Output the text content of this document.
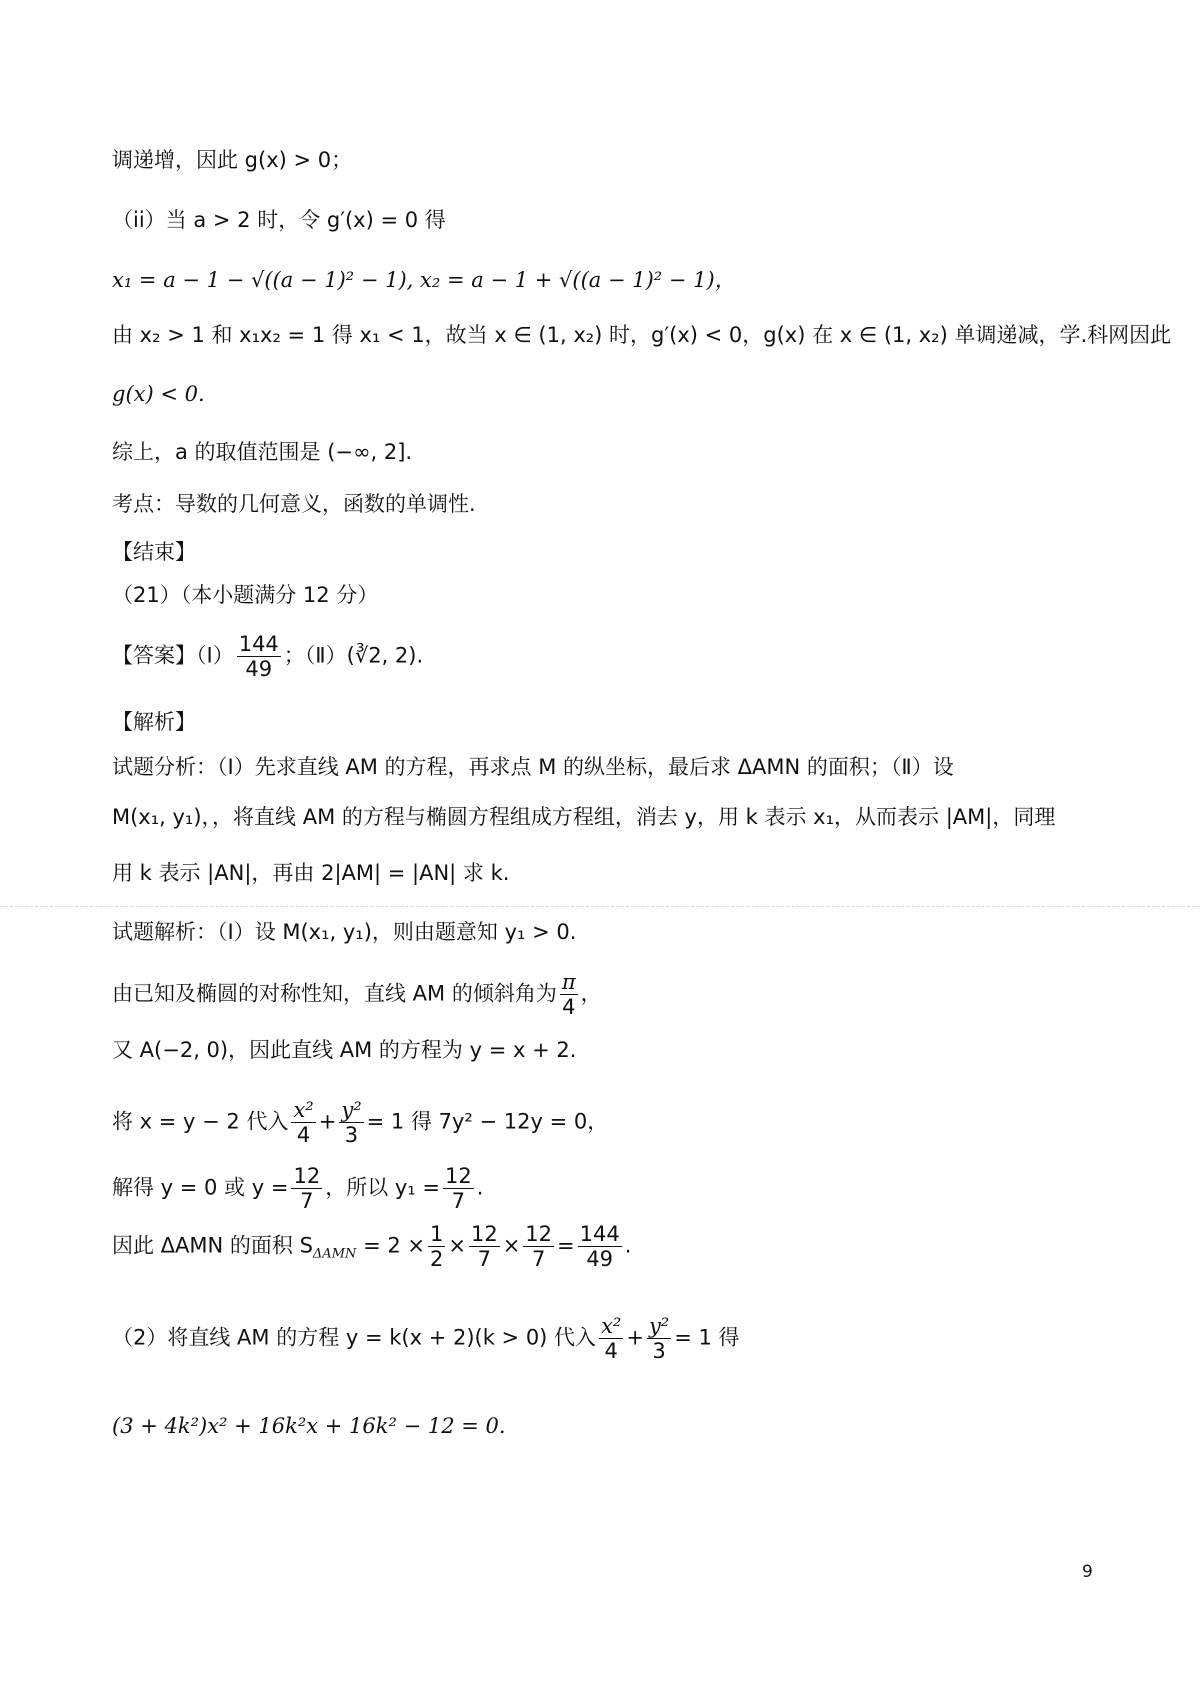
调递增，因此 g(x) > 0；
（ii）当 a > 2 时，令 g′(x) = 0 得
x₁ = a − 1 − √((a − 1)² − 1), x₂ = a − 1 + √((a − 1)² − 1)，
由 x₂ > 1 和 x₁x₂ = 1 得 x₁ < 1，故当 x ∈ (1, x₂) 时，g′(x) < 0，g(x) 在 x ∈ (1, x₂) 单调递减，学.科网因此
g(x) < 0.
综上，a 的取值范围是 (−∞, 2].
考点：导数的几何意义，函数的单调性.
【结束】
（21）（本小题满分 12 分）
【答案】（Ⅰ） $\frac{144}{49}$ ；（Ⅱ）(∛2, 2).
【解析】
试题分析：（Ⅰ）先求直线 AM 的方程，再求点 M 的纵坐标，最后求 ΔAMN 的面积；（Ⅱ）设
M(x₁, y₁)，，将直线 AM 的方程与椭圆方程组成方程组，消去 y，用 k 表示 x₁，从而表示 |AM|，同理
用 k 表示 |AN|，再由 2|AM| = |AN| 求 k.
试题解析：（Ⅰ）设 M(x₁, y₁)，则由题意知 y₁ > 0.
由已知及椭圆的对称性知，直线 AM 的倾斜角为 $\frac{\pi}{4}$ ，
又 A(−2, 0)，因此直线 AM 的方程为 y = x + 2.
将 x = y − 2 代入 $\frac{\text{x²}}{4} + \frac{\text{y²}}{3} = 1$ 得 7y² − 12y = 0，
解得 y = 0 或 $y = \frac{12}{7}$ ，所以 $y_1 = \frac{12}{7}$ .
因此 ΔAMN 的面积 $S_{\Delta AMN} = 2 \times \frac{1}{2} \times \frac{12}{7} \times \frac{12}{7} = \frac{144}{49}$ .
（2）将直线 AM 的方程 y = k(x + 2)(k > 0) 代入 $\frac{\text{x²}}{4} + \frac{\text{y²}}{3} = 1$ 得
(3 + 4k²)x² + 16k²x + 16k² − 12 = 0.
9
